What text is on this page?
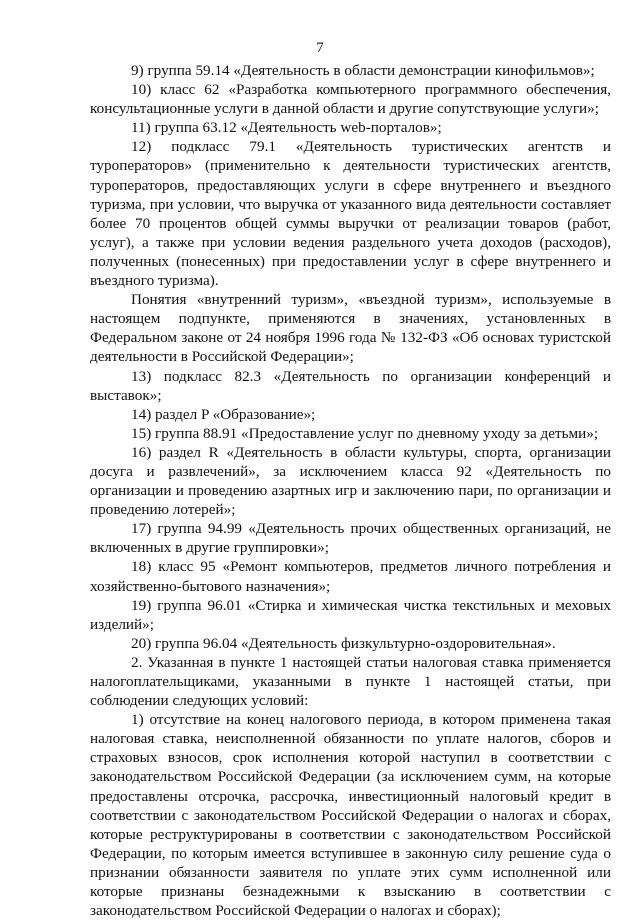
7

9) группа 59.14 «Деятельность в области демонстрации кинофильмов»;

10) класс 62 «Разработка компьютерного программного обеспечения, консультационные услуги в данной области и другие сопутствующие услуги»;

11) группа 63.12 «Деятельность web-порталов»;

12) подкласс 79.1 «Деятельность туристических агентств и туроператоров» (применительно к деятельности туристических агентств, туроператоров, предоставляющих услуги в сфере внутреннего и въездного туризма, при условии, что выручка от указанного вида деятельности составляет более 70 процентов общей суммы выручки от реализации товаров (работ, услуг), а также при условии ведения раздельного учета доходов (расходов), полученных (понесенных) при предоставлении услуг в сфере внутреннего и въездного туризма).

Понятия «внутренний туризм», «въездной туризм», используемые в настоящем подпункте, применяются в значениях, установленных в Федеральном законе от 24 ноября 1996 года № 132-ФЗ «Об основах туристской деятельности в Российской Федерации»;

13) подкласс 82.3 «Деятельность по организации конференций и выставок»;

14) раздел P «Образование»;

15) группа 88.91 «Предоставление услуг по дневному уходу за детьми»;

16) раздел R «Деятельность в области культуры, спорта, организации досуга и развлечений», за исключением класса 92 «Деятельность по организации и проведению азартных игр и заключению пари, по организации и проведению лотерей»;

17) группа 94.99 «Деятельность прочих общественных организаций, не включенных в другие группировки»;

18) класс 95 «Ремонт компьютеров, предметов личного потребления и хозяйственно-бытового назначения»;

19) группа 96.01 «Стирка и химическая чистка текстильных и меховых изделий»;

20) группа 96.04 «Деятельность физкультурно-оздоровительная».

2. Указанная в пункте 1 настоящей статьи налоговая ставка применяется налогоплательщиками, указанными в пункте 1 настоящей статьи, при соблюдении следующих условий:

1) отсутствие на конец налогового периода, в котором применена такая налоговая ставка, неисполненной обязанности по уплате налогов, сборов и страховых взносов, срок исполнения которой наступил в соответствии с законодательством Российской Федерации (за исключением сумм, на которые предоставлены отсрочка, рассрочка, инвестиционный налоговый кредит в соответствии с законодательством Российской Федерации о налогах и сборах, которые реструктурированы в соответствии с законодательством Российской Федерации, по которым имеется вступившее в законную силу решение суда о признании обязанности заявителя по уплате этих сумм исполненной или которые признаны безнадежными к взысканию в соответствии с законодательством Российской Федерации о налогах и сборах);
